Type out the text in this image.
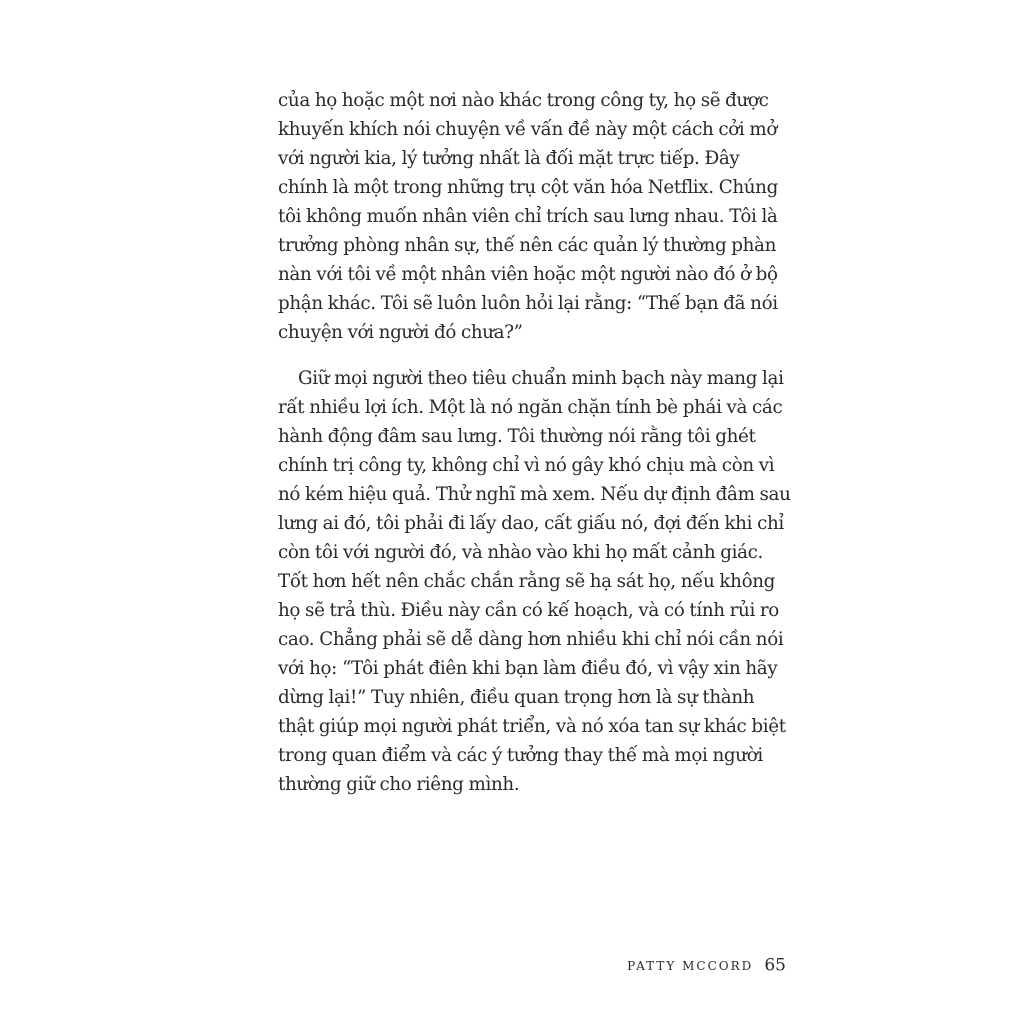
của họ hoặc một nơi nào khác trong công ty, họ sẽ được
khuyến khích nói chuyện về vấn đề này một cách cởi mở
với người kia, lý tưởng nhất là đối mặt trực tiếp. Đây
chính là một trong những trụ cột văn hóa Netflix. Chúng
tôi không muốn nhân viên chỉ trích sau lưng nhau. Tôi là
trưởng phòng nhân sự, thế nên các quản lý thường phàn
nàn với tôi về một nhân viên hoặc một người nào đó ở bộ
phận khác. Tôi sẽ luôn luôn hỏi lại rằng: “Thế bạn đã nói
chuyện với người đó chưa?”
Giữ mọi người theo tiêu chuẩn minh bạch này mang lại
rất nhiều lợi ích. Một là nó ngăn chặn tính bè phái và các
hành động đâm sau lưng. Tôi thường nói rằng tôi ghét
chính trị công ty, không chỉ vì nó gây khó chịu mà còn vì
nó kém hiệu quả. Thử nghĩ mà xem. Nếu dự định đâm sau
lưng ai đó, tôi phải đi lấy dao, cất giấu nó, đợi đến khi chỉ
còn tôi với người đó, và nhào vào khi họ mất cảnh giác.
Tốt hơn hết nên chắc chắn rằng sẽ hạ sát họ, nếu không
họ sẽ trả thù. Điều này cần có kế hoạch, và có tính rủi ro
cao. Chẳng phải sẽ dễ dàng hơn nhiều khi chỉ nói cần nói
với họ: “Tôi phát điên khi bạn làm điều đó, vì vậy xin hãy
dừng lại!” Tuy nhiên, điều quan trọng hơn là sự thành
thật giúp mọi người phát triển, và nó xóa tan sự khác biệt
trong quan điểm và các ý tưởng thay thế mà mọi người
thường giữ cho riêng mình.
PATTY MCCORD 65
